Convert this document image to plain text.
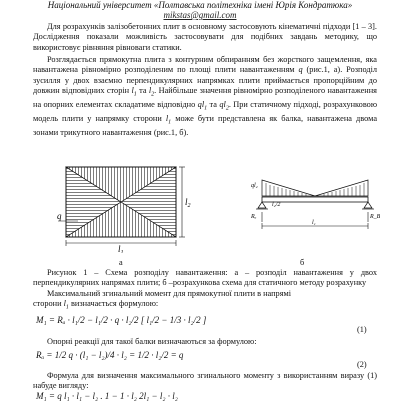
Національний університет «Полтавська політехніка імені Юрія Кондратюка»
mikstas@gmail.com
Для розрахунків залізобетонних плит в основному застосовують кінематичні підходи [1 – 3]. Дослідження показали можливість застосовувати для подібних завдань методику, що використовує рівняння рівноваги статики.
Розглядається прямокутна плита з контурним обпиранням без жорсткого защемлення, яка навантажена рівномірно розподіленим по площі плити навантаженням q (рис.1, а). Розподіл зусилля у двох взаємно перпендикулярних напрямках плити приймається пропорційним до довжин відповідних сторін $l_1$ та $l_2$. Найбільше значення рівномірно розподіленого навантаження на опорних елементах складатиме відповідно $ql_1$ та $ql_2$. При статичному підході, розрахунковою модель плити у напрямку сторони $l_1$ може бути представлена як балка, навантажена двома зонами трикутного навантаження (рис.1, б).
q
$l_1$
$l_2$
ql₂
l₂/2
Rₐ	R_B
l₁
а	б
Рисунок 1 – Схема розподілу навантаження: а – розподіл навантаження у двох перпендикулярних напрямах плити; б –розрахункова схема для статичного методу розрахунку
Максимальний згинальний момент для прямокутної плити в напрямі
сторони $l_1$ визначається формулою:
M₁ = Rₐ · l₁/2 − l₁/2 · q · l₂/2 [ l₁/2 − 1/3 · l₂/2 ]
(1)
Опорні реакції для такої балки визначаються за формулою:
Rₐ = 1/2 q · (l₁ − l₂)/4 · l₂ = 1/2 · l₂/2 = q
(2)
Формула для визначення максимального згинального моменту з використанням виразу (1) набуде вигляду:
M₁ = q l₁ · l₁ − l₂ . 1 − 1 · l₂ 2l₁ − l₂ · l₂
